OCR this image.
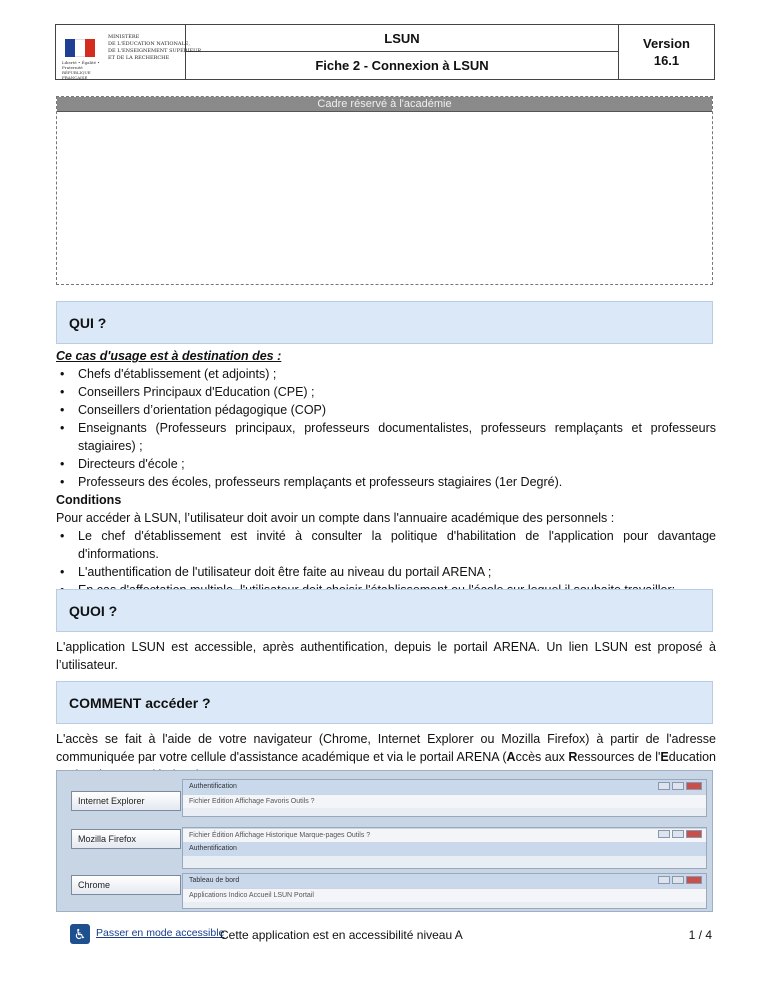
Liberté • Égalité • Fraternité RÉPUBLIQUE FRANÇAISE
MINISTÈRE
DE L'ÉDUCATION NATIONALE,
DE L'ENSEIGNEMENT SUPÉRIEUR
ET DE LA RECHERCHE
LSUN
Fiche 2 - Connexion à LSUN
Version
16.1
Cadre réservé à l'académie
QUI ?

Ce cas d'usage est à destination des :

• Chefs d'établissement (et adjoints) ;
• Conseillers Principaux d'Education (CPE) ;
• Conseillers d’orientation pédagogique (COP)
• Enseignants (Professeurs principaux, professeurs documentalistes, professeurs remplaçants et professeurs stagiaires) ;
• Directeurs d'école ;
• Professeurs des écoles, professeurs remplaçants et professeurs stagiaires (1er Degré).

Conditions

Pour accéder à LSUN, l’utilisateur doit avoir un compte dans l'annuaire académique des personnels :

• Le chef d'établissement est invité à consulter la politique d'habilitation de l'application pour davantage d'informations.
• L'authentification de l'utilisateur doit être faite au niveau du portail ARENA ;
•
QUOI ?
L'application LSUN est accessible, après authentification, depuis le portail ARENA. Un lien LSUN est proposé à l’utilisateur.
COMMENT accéder ?
L'accès se fait à l'aide de votre navigateur (Chrome, Internet Explorer ou Mozilla Firefox) à partir de l'adresse communiquée par votre cellule d'assistance académique et via le portail ARENA (Accès aux Ressources de l'Education
Internet Explorer
Authentification
Fichier Edition Affichage Favoris Outils ?
Mozilla Firefox	Fichier Édition Affichage Historique Marque-pages Outils ?
Authentification
Chrome	Tableau de bord
Applications Indico Accueil LSUN Portail
♿ Passer en mode accessible
Cette application est en accessibilité niveau A	1 / 4
